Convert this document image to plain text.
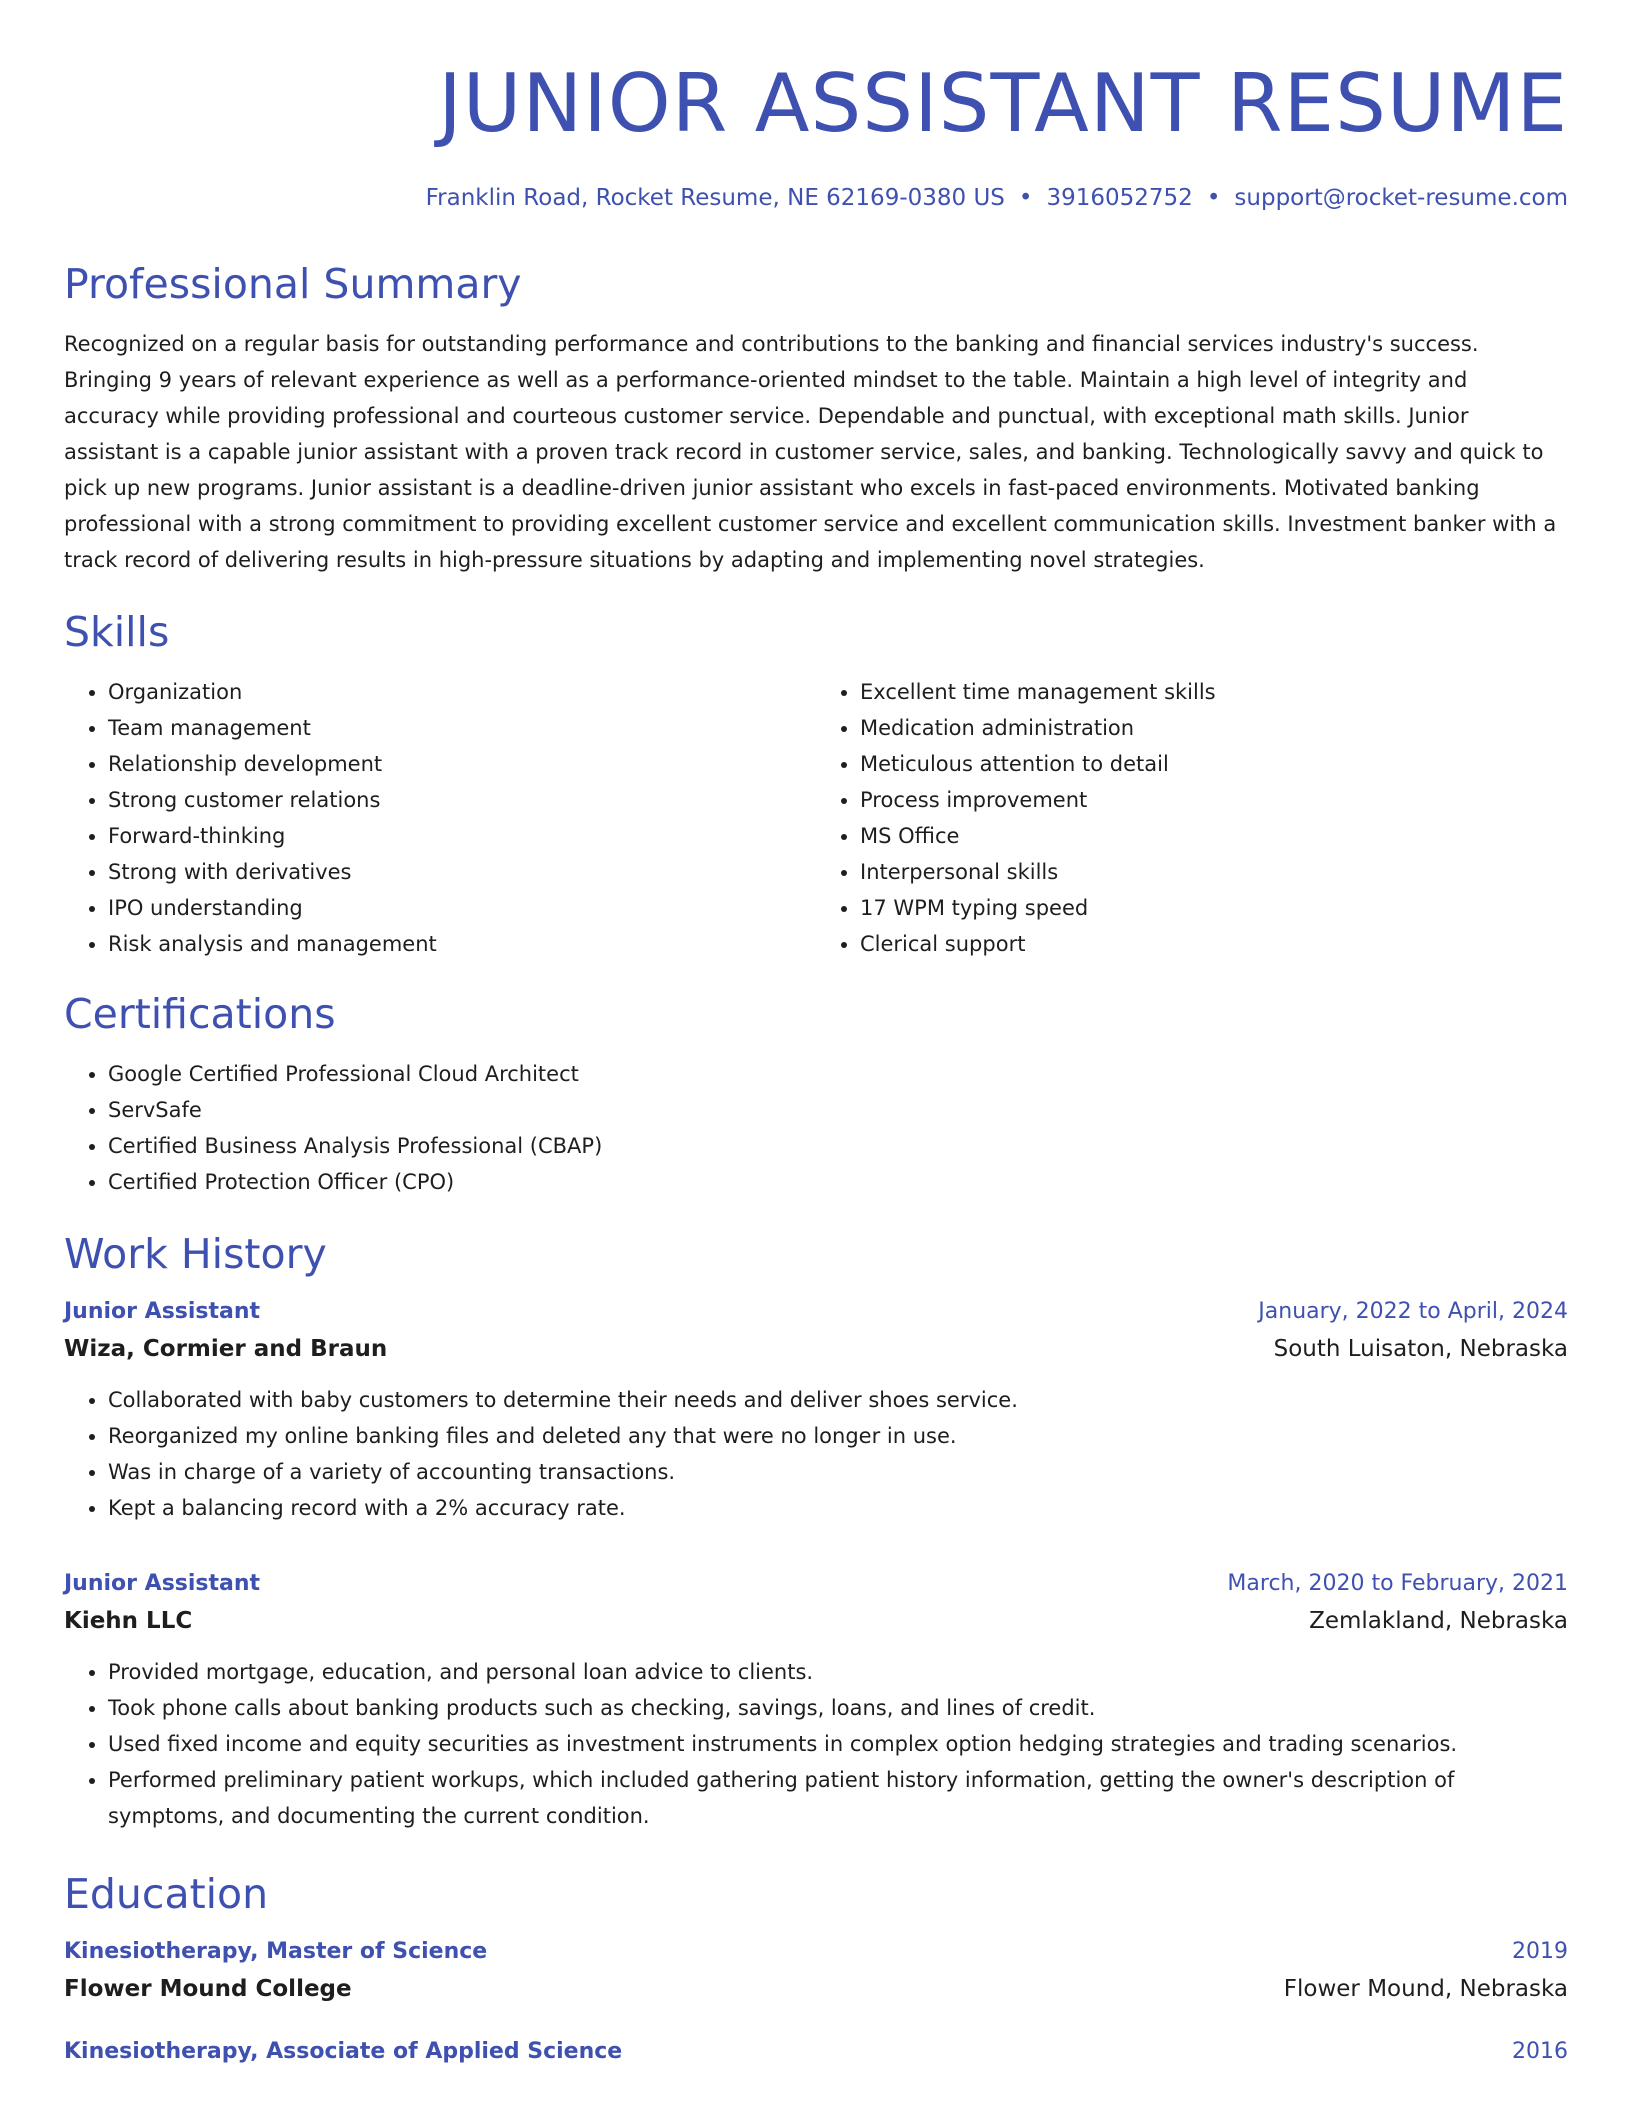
JUNIOR ASSISTANT RESUME
Franklin Road, Rocket Resume, NE 62169-0380 US • 3916052752 • support@rocket-resume.com
Professional Summary
Recognized on a regular basis for outstanding performance and contributions to the banking and financial services industry's success. Bringing 9 years of relevant experience as well as a performance-oriented mindset to the table. Maintain a high level of integrity and accuracy while providing professional and courteous customer service. Dependable and punctual, with exceptional math skills. Junior assistant is a capable junior assistant with a proven track record in customer service, sales, and banking. Technologically savvy and quick to pick up new programs. Junior assistant is a deadline-driven junior assistant who excels in fast-paced environments. Motivated banking professional with a strong commitment to providing excellent customer service and excellent communication skills. Investment banker with a track record of delivering results in high-pressure situations by adapting and implementing novel strategies.
Skills
• Organization
• Team management
• Relationship development
• Strong customer relations
• Forward-thinking
• Strong with derivatives
• IPO understanding
• Risk analysis and management
• Excellent time management skills
• Medication administration
• Meticulous attention to detail
• Process improvement
• MS Office
• Interpersonal skills
• 17 WPM typing speed
• Clerical support
Certifications
• Google Certified Professional Cloud Architect
• ServSafe
• Certified Business Analysis Professional (CBAP)
• Certified Protection Officer (CPO)
Work History
Junior Assistant	January, 2022 to April, 2024
Wiza, Cormier and Braun	South Luisaton, Nebraska
• Collaborated with baby customers to determine their needs and deliver shoes service.
• Reorganized my online banking files and deleted any that were no longer in use.
• Was in charge of a variety of accounting transactions.
• Kept a balancing record with a 2% accuracy rate.
Junior Assistant	March, 2020 to February, 2021
Kiehn LLC	Zemlakland, Nebraska
• Provided mortgage, education, and personal loan advice to clients.
• Took phone calls about banking products such as checking, savings, loans, and lines of credit.
• Used fixed income and equity securities as investment instruments in complex option hedging strategies and trading scenarios.
• Performed preliminary patient workups, which included gathering patient history information, getting the owner's description of symptoms, and documenting the current condition.
Education
Kinesiotherapy, Master of Science	2019
Flower Mound College	Flower Mound, Nebraska
Kinesiotherapy, Associate of Applied Science	2016
